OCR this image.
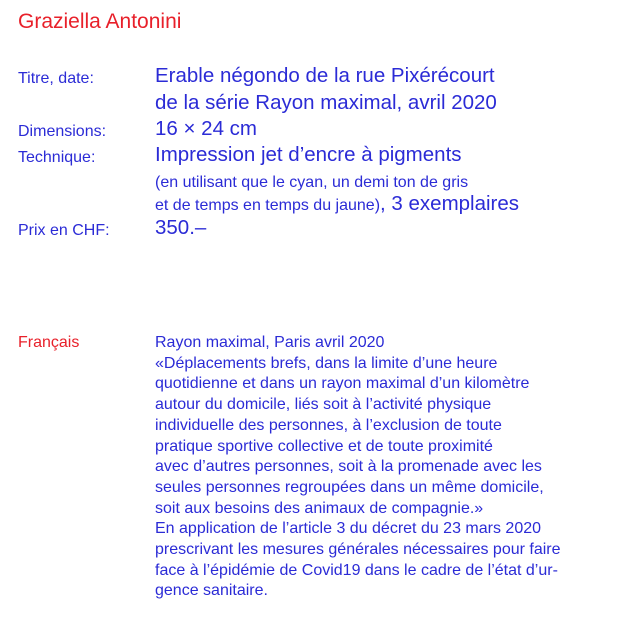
Graziella Antonini
Titre, date:	Erable négondo de la rue Pixérécourt
de la série Rayon maximal, avril 2020
Dimensions: 16 × 24 cm
Technique:	Impression jet d’encre à pigments
(en utilisant que le cyan, un demi ton de gris
et de temps en temps du jaune), 3 exemplaires
Prix en CHF: 350.–
Français	Rayon maximal, Paris avril 2020
«Déplacements brefs, dans la limite d’une heure
quotidienne et dans un rayon maximal d’un kilomètre
autour du domicile, liés soit à l’activité physique
individuelle des personnes, à l’exclusion de toute
pratique sportive collective et de toute proximité
avec d’autres personnes, soit à la promenade avec les
seules personnes regroupées dans un même domicile,
soit aux besoins des animaux de compagnie.»
En application de l’article 3 du décret du 23 mars 2020
prescrivant les mesures générales nécessaires pour faire
face à l’épidémie de Covid19 dans le cadre de l’état d’ur-
gence sanitaire.
